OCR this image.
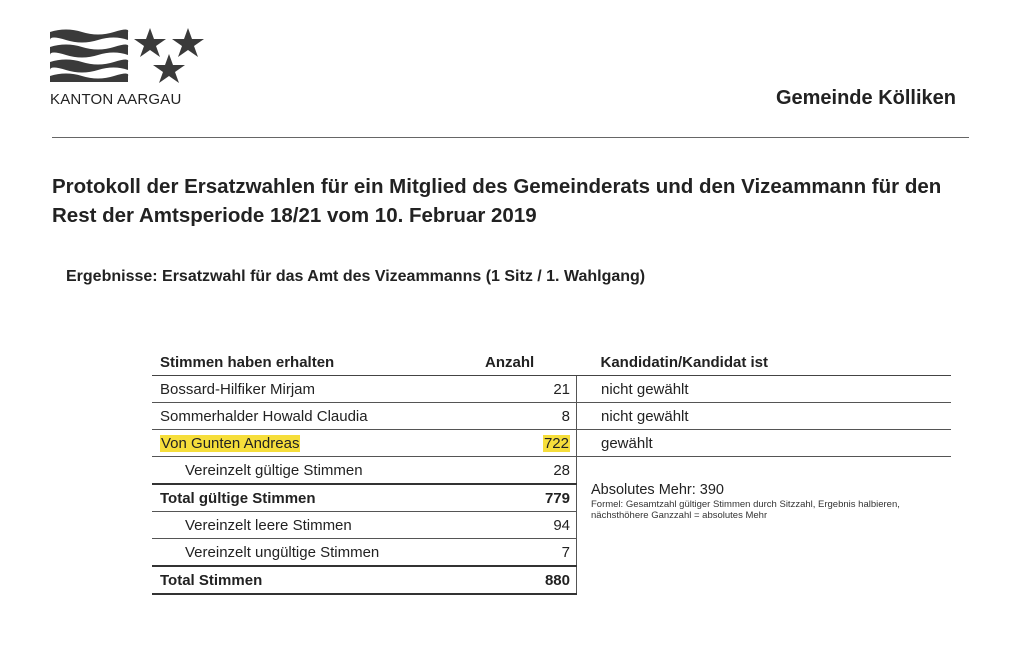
KANTON AARGAU	Gemeinde Kölliken
Protokoll der Ersatzwahlen für ein Mitglied des Gemeinderats und den Vizeammann für den Rest der Amtsperiode 18/21 vom 10. Februar 2019
Ergebnisse: Ersatzwahl für das Amt des Vizeammanns (1 Sitz / 1. Wahlgang)
Stimmen haben erhalten	Anzahl	Kandidatin/Kandidat ist
Bossard-Hilfiker Mirjam	21	nicht gewählt
Sommerhalder Howald Claudia	8	nicht gewählt
Von Gunten Andreas	722	gewählt
Vereinzelt gültige Stimmen	28	
Total gültige Stimmen	779	Absolutes Mehr: 390
Formel: Gesamtzahl gültiger Stimmen durch Sitzzahl, Ergebnis halbieren, nächsthöhere Ganzzahl = absolutes Mehr

Vereinzelt leere Stimmen	94	
Vereinzelt ungültige Stimmen	7	
Total Stimmen	880	
